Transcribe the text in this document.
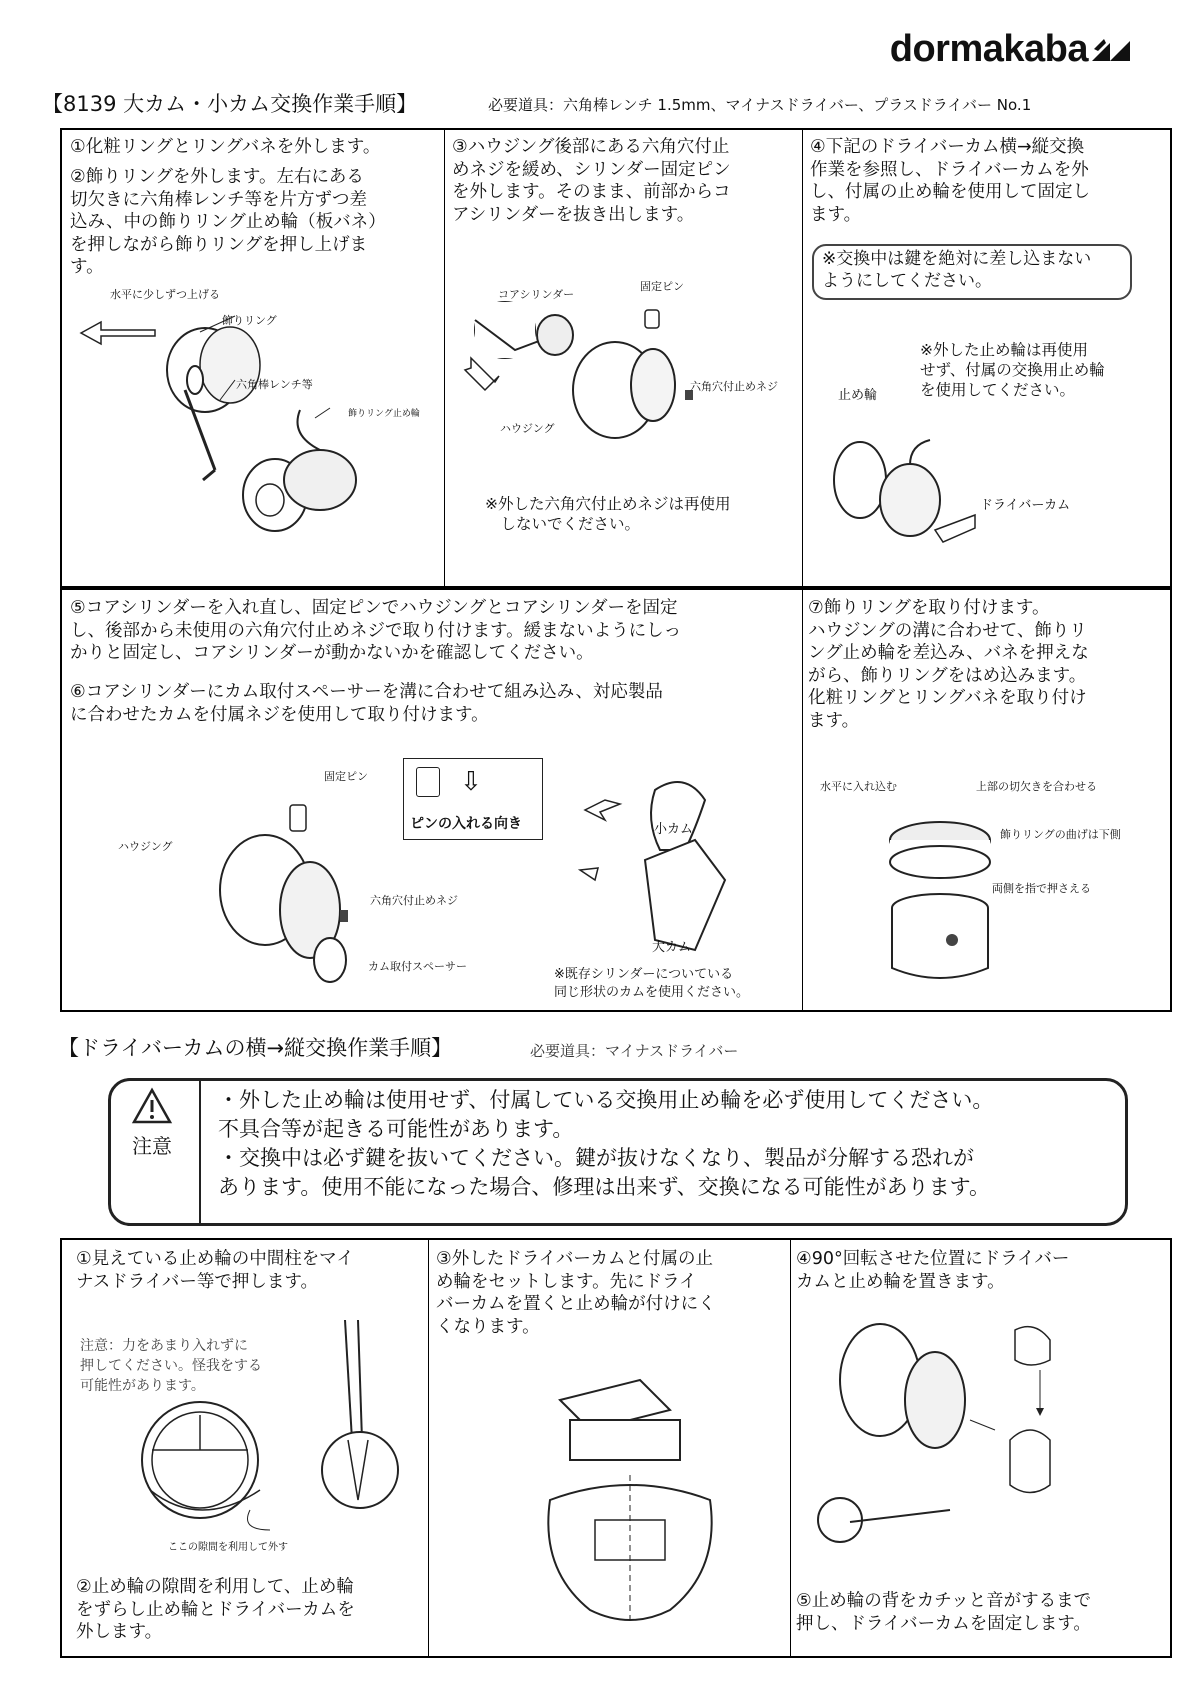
dormakaba
【8139 大カム・小カム交換作業手順】	必要道具：六角棒レンチ 1.5mm、マイナスドライバー、プラスドライバー No.1
①化粧リングとリングバネを外します。
②飾りリングを外します。左右にある
切欠きに六角棒レンチ等を片方ずつ差
込み、中の飾りリング止め輪（板バネ）
を押しながら飾りリングを押し上げま
す。
水平に少しずつ上げる
飾りリング
六角棒レンチ等
飾りリング止め輪
③ハウジング後部にある六角穴付止
めネジを緩め、シリンダー固定ピン
を外します。そのまま、前部からコ
アシリンダーを抜き出します。
コアシリンダー
固定ピン
六角穴付止めネジ
ハウジング
※外した六角穴付止めネジは再使用
　しないでください。
④下記のドライバーカム横→縦交換
作業を参照し、ドライバーカムを外
し、付属の止め輪を使用して固定し
ます。
※交換中は鍵を絶対に差し込まない
ようにしてください。
※外した止め輪は再使用
せず、付属の交換用止め輪
を使用してください。
止め輪
ドライバーカム
⑤コアシリンダーを入れ直し、固定ピンでハウジングとコアシリンダーを固定
し、後部から未使用の六角穴付止めネジで取り付けます。緩まないようにしっ
かりと固定し、コアシリンダーが動かないかを確認してください。
⑥コアシリンダーにカム取付スペーサーを溝に合わせて組み込み、対応製品
に合わせたカムを付属ネジを使用して取り付けます。
⇩
ピンの入れる向き
固定ピン
ハウジング
六角穴付止めネジ
カム取付スペーサー
小カム
大カム
※既存シリンダーについている
同じ形状のカムを使用ください。
⑦飾りリングを取り付けます。
ハウジングの溝に合わせて、飾りリ
ング止め輪を差込み、バネを押えな
がら、飾りリングをはめ込みます。
化粧リングとリングバネを取り付け
ます。
水平に入れ込む	上部の切欠きを合わせる
飾りリングの曲げは下側
両側を指で押さえる
【ドライバーカムの横→縦交換作業手順】	必要道具：マイナスドライバー
注意
・外した止め輪は使用せず、付属している交換用止め輪を必ず使用してください。
不具合等が起きる可能性があります。
・交換中は必ず鍵を抜いてください。鍵が抜けなくなり、製品が分解する恐れが
あります。使用不能になった場合、修理は出来ず、交換になる可能性があります。
①見えている止め輪の中間柱をマイ
ナスドライバー等で押します。
注意：力をあまり入れずに
押してください。怪我をする
可能性があります。
ここの隙間を利用して外す
②止め輪の隙間を利用して、止め輪
をずらし止め輪とドライバーカムを
外します。
③外したドライバーカムと付属の止
め輪をセットします。先にドライ
バーカムを置くと止め輪が付けにく
くなります。
④90°回転させた位置にドライバー
カムと止め輪を置きます。
⑤止め輪の背をカチッと音がするまで
押し、ドライバーカムを固定します。
